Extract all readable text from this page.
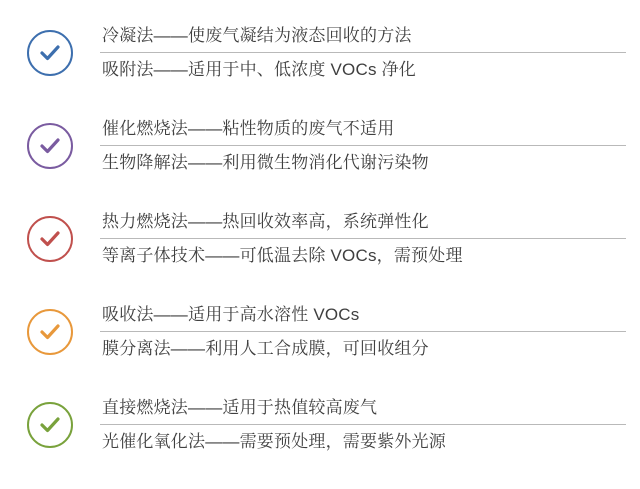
冷凝法——使废气凝结为液态回收的方法
吸附法——适用于中、低浓度 VOCs 净化
催化燃烧法——粘性物质的废气不适用
生物降解法——利用微生物消化代谢污染物
热力燃烧法——热回收效率高，系统弹性化
等离子体技术——可低温去除 VOCs，需预处理
吸收法——适用于高水溶性 VOCs
膜分离法——利用人工合成膜，可回收组分
直接燃烧法——适用于热值较高废气
光催化氧化法——需要预处理，需要紫外光源
